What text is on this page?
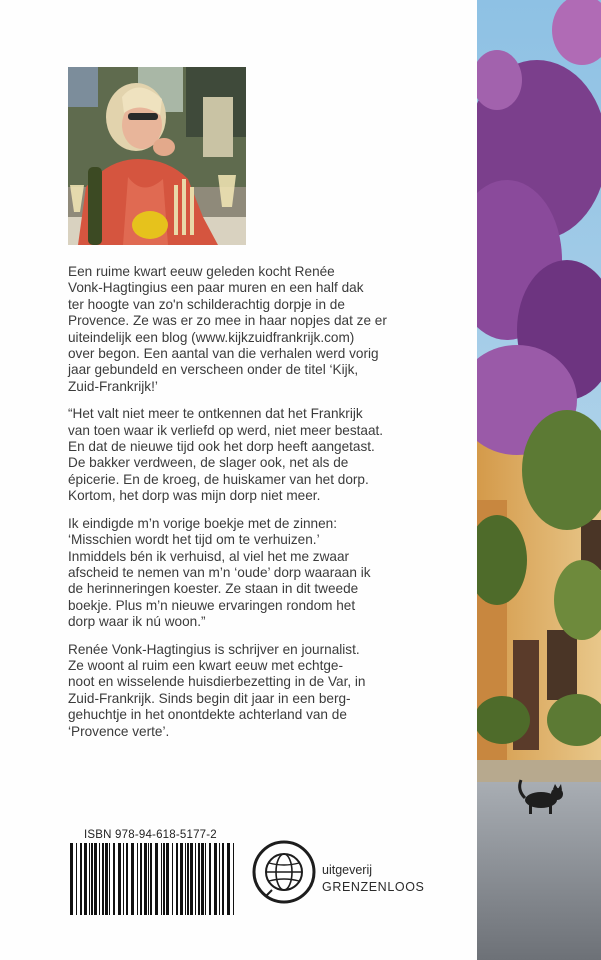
Een ruime kwart eeuw geleden kocht Renée
Vonk-Hagtingius een paar muren en een half dak
ter hoogte van zo'n schilderachtig dorpje in de
Provence. Ze was er zo mee in haar nopjes dat ze er
uiteindelijk een blog (www.kijkzuidfrankrijk.com)
over begon. Een aantal van die verhalen werd vorig
jaar gebundeld en verscheen onder de titel ‘Kijk,
Zuid-Frankrijk!’

“Het valt niet meer te ontkennen dat het Frankrijk
van toen waar ik verliefd op werd, niet meer bestaat.
En dat de nieuwe tijd ook het dorp heeft aangetast.
De bakker verdween, de slager ook, net als de
épicerie. En de kroeg, de huiskamer van het dorp.
Kortom, het dorp was mijn dorp niet meer.

Ik eindigde m’n vorige boekje met de zinnen:
‘Misschien wordt het tijd om te verhuizen.’
Inmiddels bén ik verhuisd, al viel het me zwaar
afscheid te nemen van m’n ‘oude’ dorp waaraan ik
de herinneringen koester. Ze staan in dit tweede
boekje. Plus m’n nieuwe ervaringen rondom het
dorp waar ik nú woon.”

Renée Vonk-Hagtingius is schrijver en journalist.
Ze woont al ruim een kwart eeuw met echtge-
noot en wisselende huisdierbezetting in de Var, in
Zuid-Frankrijk. Sinds begin dit jaar in een berg-
gehuchtje in het onontdekte achterland van de
‘Provence verte’.

ISBN 978-94-618-5177-2
uitgeverij
GRENZENLOOS
